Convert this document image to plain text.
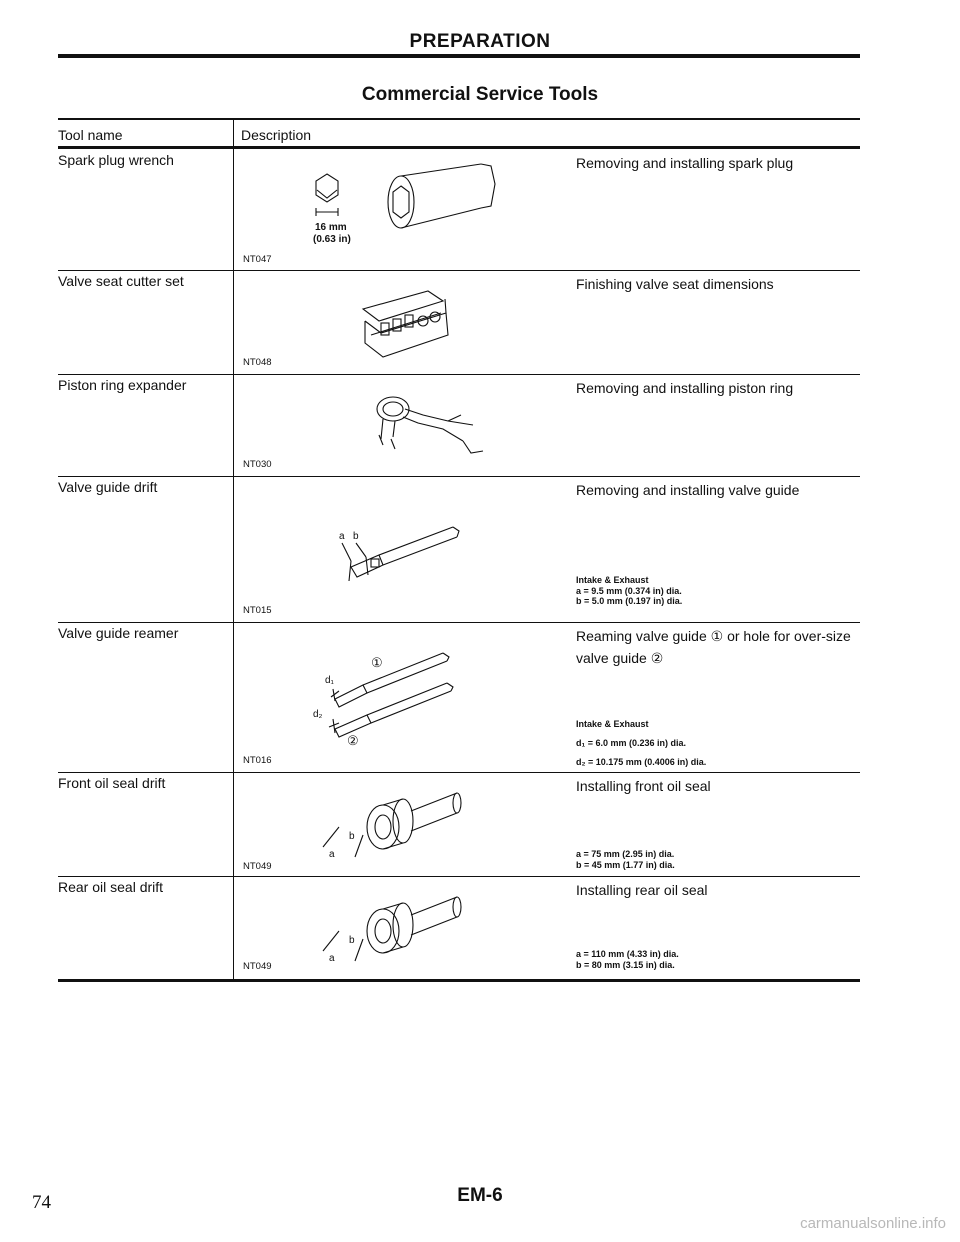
PREPARATION
Commercial Service Tools
Tool name	Description
Spark plug wrench
16 mm
(0.63 in)
NT047
Removing and installing spark plug
Valve seat cutter set
NT048
Finishing valve seat dimensions
Piston ring expander
NT030
Removing and installing piston ring
Valve guide drift
a b
NT015
Removing and installing valve guide
Intake & Exhaust
a = 9.5 mm (0.374 in) dia.
b = 5.0 mm (0.197 in) dia.
Valve guide reamer
①
d₁
d₂
②
NT016
Reaming valve guide ① or hole for over-size valve guide ②
Intake & Exhaust
d₁ = 6.0 mm (0.236 in) dia.
d₂ = 10.175 mm (0.4006 in) dia.
Front oil seal drift
b
a
NT049
Installing front oil seal
a = 75 mm (2.95 in) dia.
b = 45 mm (1.77 in) dia.
Rear oil seal drift
b
a
NT049
Installing rear oil seal
a = 110 mm (4.33 in) dia.
b = 80 mm (3.15 in) dia.
74	EM-6
carmanualsonline.info
